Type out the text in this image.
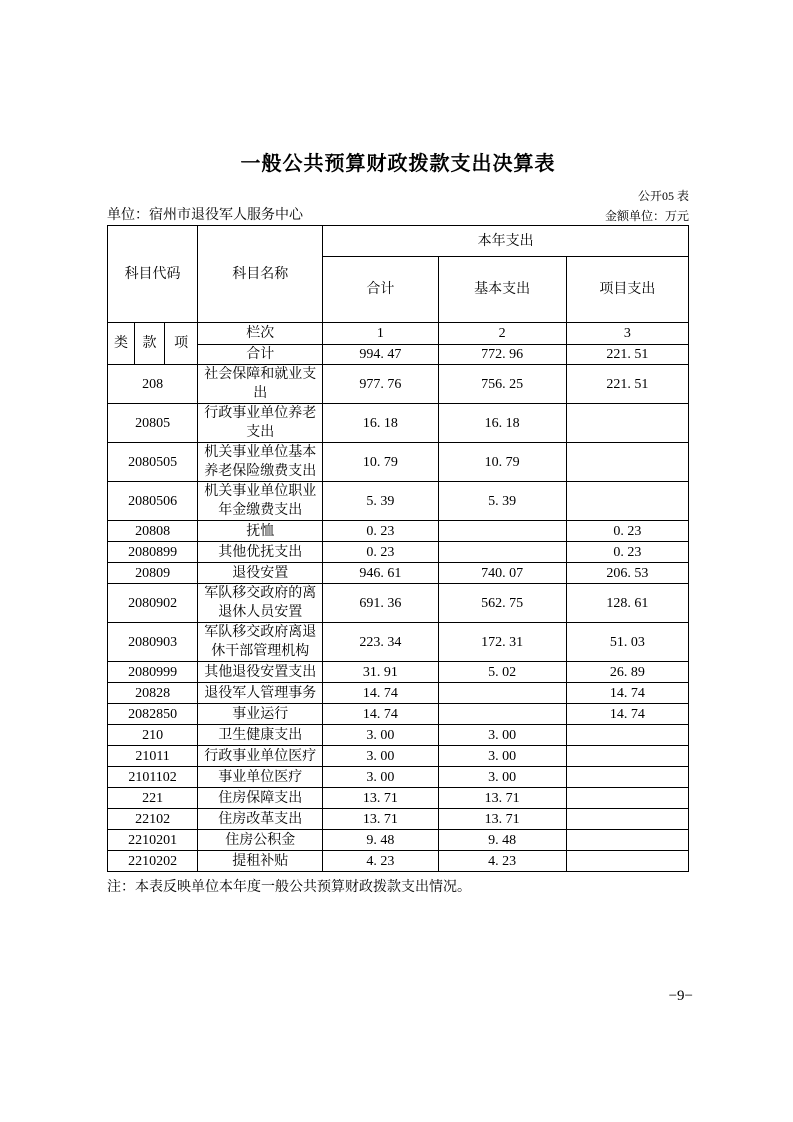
一般公共预算财政拨款支出决算表
公开05 表
单位：宿州市退役军人服务中心	金额单位：万元
科目代码			科目名称	本年支出		
				合计	基本支出	项目支出
类	款	项	栏次	1	2	3
			合计	994. 47	772. 96	221. 51
208			社会保障和就业支出	977. 76	756. 25	221. 51
20805			行政事业单位养老支出	16. 18	16. 18	
2080505			机关事业单位基本养老保险缴费支出	10. 79	10. 79	
2080506			机关事业单位职业年金缴费支出	5. 39	5. 39	
20808			抚恤	0. 23		0. 23
2080899			其他优抚支出	0. 23		0. 23
20809			退役安置	946. 61	740. 07	206. 53
2080902			军队移交政府的离退休人员安置	691. 36	562. 75	128. 61
2080903			军队移交政府离退休干部管理机构	223. 34	172. 31	51. 03
2080999			其他退役安置支出	31. 91	5. 02	26. 89
20828			退役军人管理事务	14. 74		14. 74
2082850			事业运行	14. 74		14. 74
210			卫生健康支出	3. 00	3. 00	
21011			行政事业单位医疗	3. 00	3. 00	
2101102			事业单位医疗	3. 00	3. 00	
221			住房保障支出	13. 71	13. 71	
22102			住房改革支出	13. 71	13. 71	
2210201			住房公积金	9. 48	9. 48	
2210202			提租补贴	4. 23	4. 23	
注：本表反映单位本年度一般公共预算财政拨款支出情况。
−9−
